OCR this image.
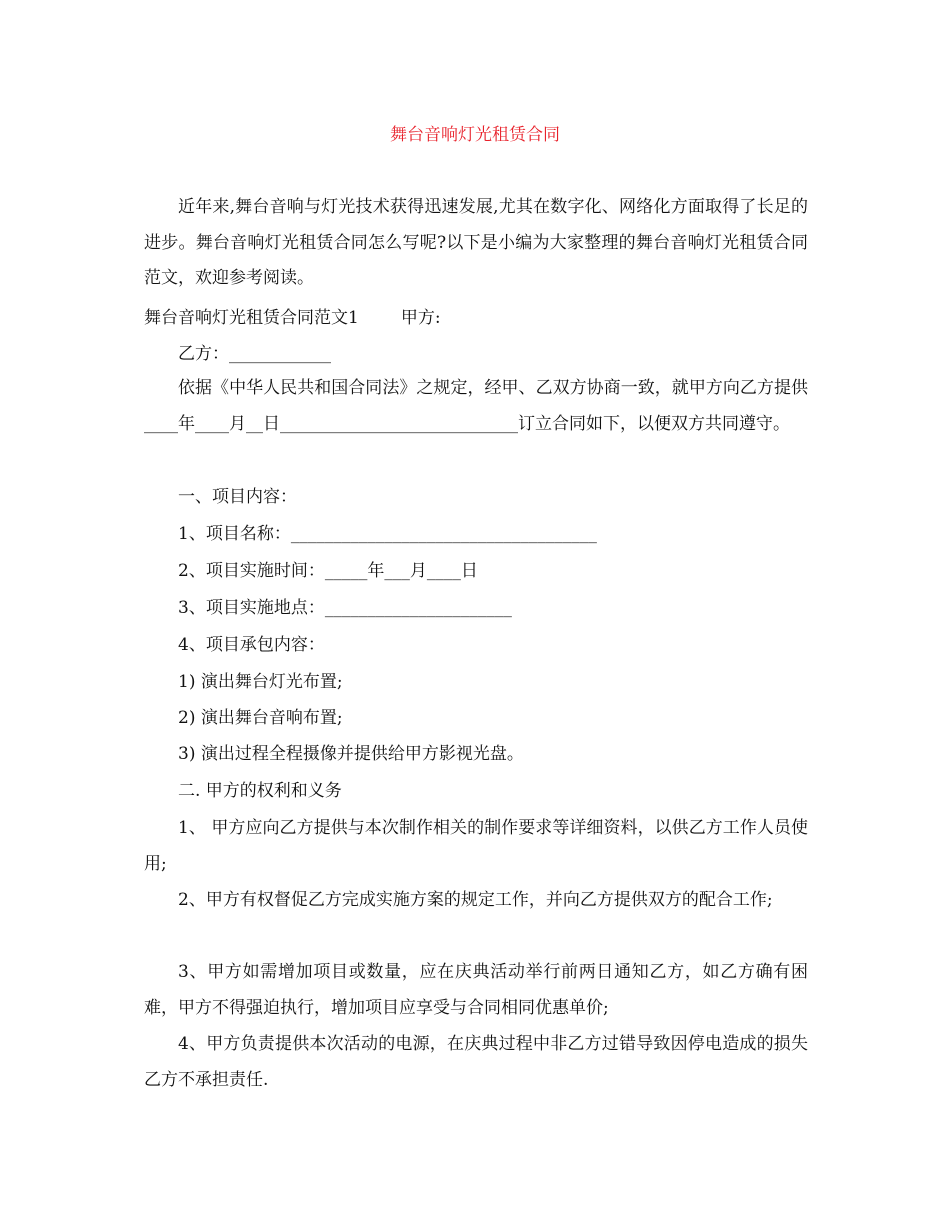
舞台音响灯光租赁合同

近年来,舞台音响与灯光技术获得迅速发展,尤其在数字化、网络化方面取得了长足的进步。舞台音响灯光租赁合同怎么写呢?以下是小编为大家整理的舞台音响灯光租赁合同范文，欢迎参考阅读。

舞台音响灯光租赁合同范文1 甲方:

乙方：____________

依据《中华人民共和国合同法》之规定，经甲、乙双方协商一致，就甲方向乙方提供____年____月__日____________________________订立合同如下，以便双方共同遵守。

一、项目内容：

1、项目名称：____________________________________

2、项目实施时间：_____年___月____日

3、项目实施地点：______________________

4、项目承包内容：

1) 演出舞台灯光布置;

2) 演出舞台音响布置;

3) 演出过程全程摄像并提供给甲方影视光盘。

二. 甲方的权利和义务

1、 甲方应向乙方提供与本次制作相关的制作要求等详细资料，以供乙方工作人员使用;

2、甲方有权督促乙方完成实施方案的规定工作，并向乙方提供双方的配合工作;

3、甲方如需增加项目或数量，应在庆典活动举行前两日通知乙方，如乙方确有困难，甲方不得强迫执行，增加项目应享受与合同相同优惠单价;

4、甲方负责提供本次活动的电源，在庆典过程中非乙方过错导致因停电造成的损失乙方不承担责任.
